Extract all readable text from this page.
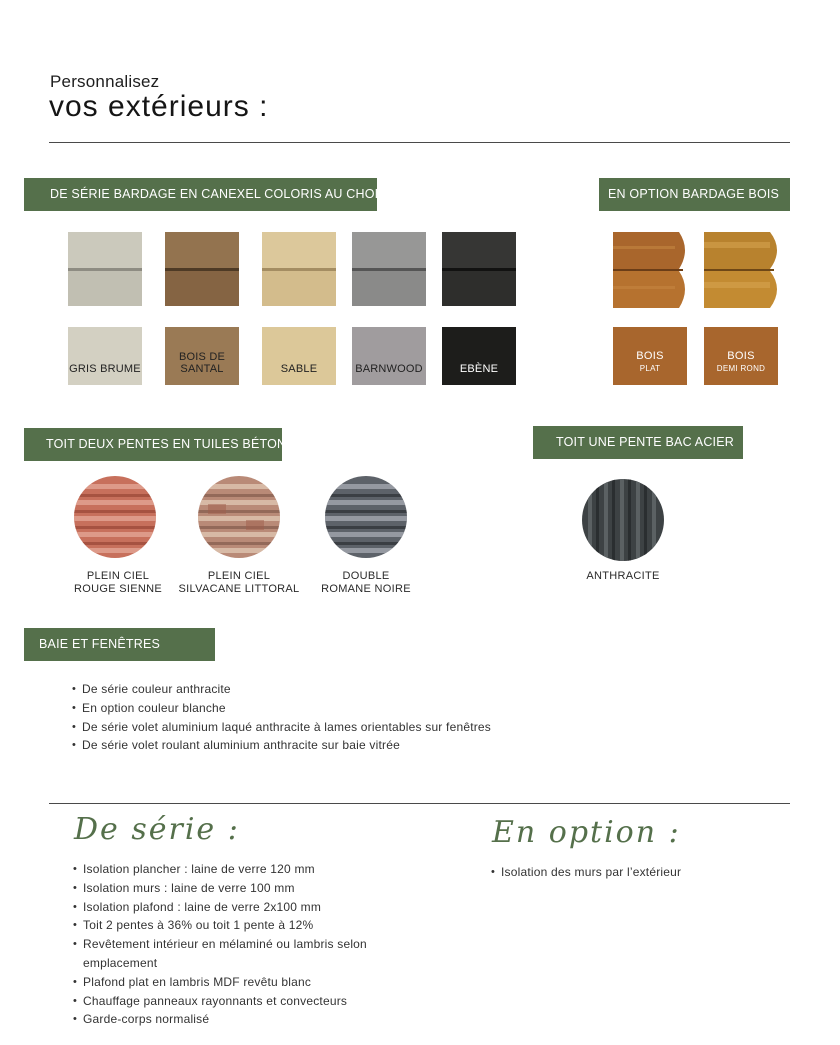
Personnalisez
vos extérieurs :
DE SÉRIE BARDAGE EN CANEXEL COLORIS AU CHOIX
GRIS BRUME
BOIS DE
SANTAL	SABLE	BARNWOOD	EBÈNE
EN OPTION BARDAGE BOIS
BOIS
PLAT
BOIS
DEMI ROND
TOIT DEUX PENTES EN TUILES BÉTON
PLEIN CIEL
ROUGE SIENNE
PLEIN CIEL
SILVACANE LITTORAL
DOUBLE
ROMANE NOIRE
TOIT UNE PENTE BAC ACIER
ANTHRACITE
BAIE ET FENÊTRES
• De série couleur anthracite
• En option couleur blanche
• De série volet aluminium laqué anthracite à lames orientables sur fenêtres
• De série volet roulant aluminium anthracite sur baie vitrée
De série :
• Isolation plancher : laine de verre 120 mm
• Isolation murs : laine de verre 100 mm
• Isolation plafond : laine de verre 2x100 mm
• Toit 2 pentes à 36% ou toit 1 pente à 12%
• Revêtement intérieur en mélaminé ou lambris selon emplacement
• Plafond plat en lambris MDF revêtu blanc
• Chauffage panneaux rayonnants et convecteurs
• Garde-corps normalisé
En option :
• Isolation des murs par l’extérieur
